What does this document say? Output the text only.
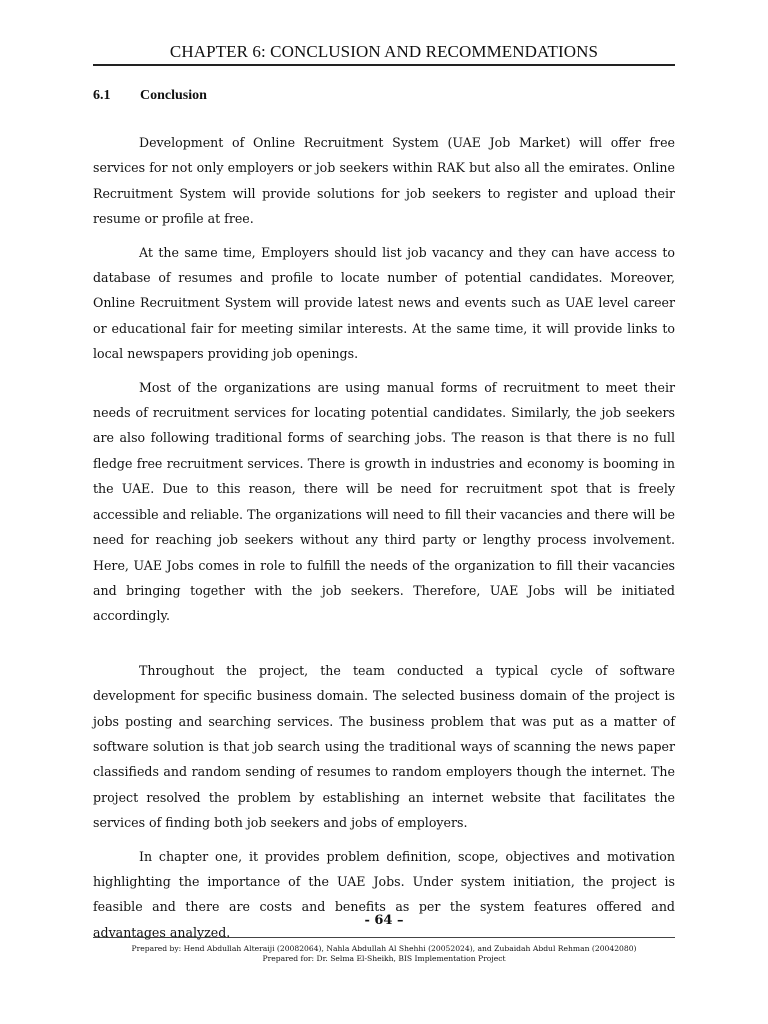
CHAPTER 6: CONCLUSION AND RECOMMENDATIONS
6.1 Conclusion

Development of Online Recruitment System (UAE Job Market) will offer free services for not only employers or job seekers within RAK but also all the emirates. Online Recruitment System will provide solutions for job seekers to register and upload their resume or profile at free.

At the same time, Employers should list job vacancy and they can have access to database of resumes and profile to locate number of potential candidates. Moreover, Online Recruitment System will provide latest news and events such as UAE level career or educational fair for meeting similar interests. At the same time, it will provide links to local newspapers providing job openings.

Most of the organizations are using manual forms of recruitment to meet their needs of recruitment services for locating potential candidates. Similarly, the job seekers are also following traditional forms of searching jobs. The reason is that there is no full fledge free recruitment services. There is growth in industries and economy is booming in the UAE. Due to this reason, there will be need for recruitment spot that is freely accessible and reliable. The organizations will need to fill their vacancies and there will be need for reaching job seekers without any third party or lengthy process involvement. Here, UAE Jobs comes in role to fulfill the needs of the organization to fill their vacancies and bringing together with the job seekers. Therefore, UAE Jobs will be initiated accordingly.

Throughout the project, the team conducted a typical cycle of software development for specific business domain. The selected business domain of the project is jobs posting and searching services. The business problem that was put as a matter of software solution is that job search using the traditional ways of scanning the news paper classifieds and random sending of resumes to random employers though the internet. The project resolved the problem by establishing an internet website that facilitates the services of finding both job seekers and jobs of employers.

In chapter one, it provides problem definition, scope, objectives and motivation highlighting the importance of the UAE Jobs. Under system initiation, the project is feasible and there are costs and benefits as per the system features offered and advantages analyzed.

- 64 –
Prepared by: Hend Abdullah Alteraiji (20082064), Nahla Abdullah Al Shehhi (20052024), and Zubaidah Abdul Rehman (20042080)
Prepared for: Dr. Selma El-Sheikh, BIS Implementation Project
